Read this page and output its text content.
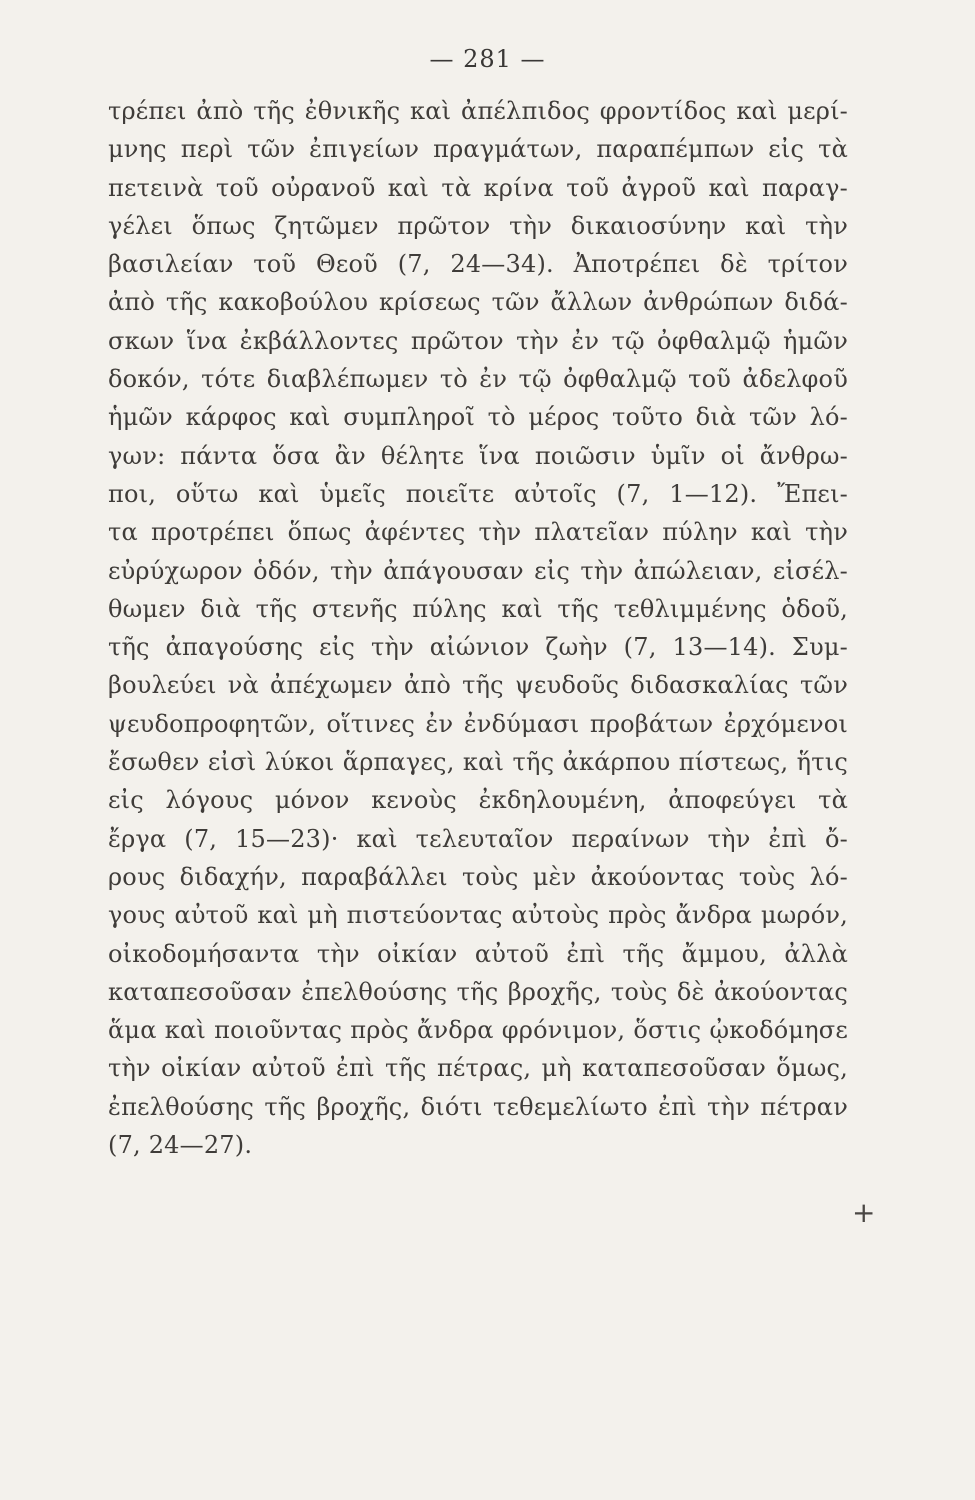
— 281 —
τρέπει ἀπὸ τῆς ἐθνικῆς καὶ ἀπέλπιδος φροντίδος καὶ μερί-
μνης περὶ τῶν ἐπιγείων πραγμάτων, παραπέμπων εἰς τὰ
πετεινὰ τοῦ οὐρανοῦ καὶ τὰ κρίνα τοῦ ἀγροῦ καὶ παραγ-
γέλει ὅπως ζητῶμεν πρῶτον τὴν δικαιοσύνην καὶ τὴν
βασιλείαν τοῦ Θεοῦ (7, 24—34). Ἀποτρέπει δὲ τρίτον
ἀπὸ τῆς κακοβούλου κρίσεως τῶν ἄλλων ἀνθρώπων διδά-
σκων ἵνα ἐκβάλλοντες πρῶτον τὴν ἐν τῷ ὀφθαλμῷ ἡμῶν
δοκόν, τότε διαβλέπωμεν τὸ ἐν τῷ ὀφθαλμῷ τοῦ ἀδελφοῦ
ἡμῶν κάρφος καὶ συμπληροῖ τὸ μέρος τοῦτο διὰ τῶν λό-
γων: πάντα ὅσα ἂν θέλητε ἵνα ποιῶσιν ὑμῖν οἱ ἄνθρω-
ποι, οὕτω καὶ ὑμεῖς ποιεῖτε αὐτοῖς (7, 1—12). Ἔπει-
τα προτρέπει ὅπως ἀφέντες τὴν πλατεῖαν πύλην καὶ τὴν
εὐρύχωρον ὁδόν, τὴν ἀπάγουσαν εἰς τὴν ἀπώλειαν, εἰσέλ-
θωμεν διὰ τῆς στενῆς πύλης καὶ τῆς τεθλιμμένης ὁδοῦ,
τῆς ἀπαγούσης εἰς τὴν αἰώνιον ζωὴν (7, 13—14). Συμ-
βουλεύει νὰ ἀπέχωμεν ἀπὸ τῆς ψευδοῦς διδασκαλίας τῶν
ψευδοπροφητῶν, οἵτινες ἐν ἐνδύμασι προβάτων ἐρχόμενοι
ἔσωθεν εἰσὶ λύκοι ἅρπαγες, καὶ τῆς ἀκάρπου πίστεως, ἥτις
εἰς λόγους μόνον κενοὺς ἐκδηλουμένη, ἀποφεύγει τὰ
ἔργα (7, 15—23)· καὶ τελευταῖον περαίνων τὴν ἐπὶ ὄ-
ρους διδαχήν, παραβάλλει τοὺς μὲν ἀκούοντας τοὺς λό-
γους αὐτοῦ καὶ μὴ πιστεύοντας αὐτοὺς πρὸς ἄνδρα μωρόν,
οἰκοδομήσαντα τὴν οἰκίαν αὐτοῦ ἐπὶ τῆς ἄμμου, ἀλλὰ
καταπεσοῦσαν ἐπελθούσης τῆς βροχῆς, τοὺς δὲ ἀκούοντας
ἅμα καὶ ποιοῦντας πρὸς ἄνδρα φρόνιμον, ὅστις ᾠκοδόμησε
τὴν οἰκίαν αὐτοῦ ἐπὶ τῆς πέτρας, μὴ καταπεσοῦσαν ὅμως,
ἐπελθούσης τῆς βροχῆς, διότι τεθεμελίωτο ἐπὶ τὴν πέτραν
(7, 24—27).
+
